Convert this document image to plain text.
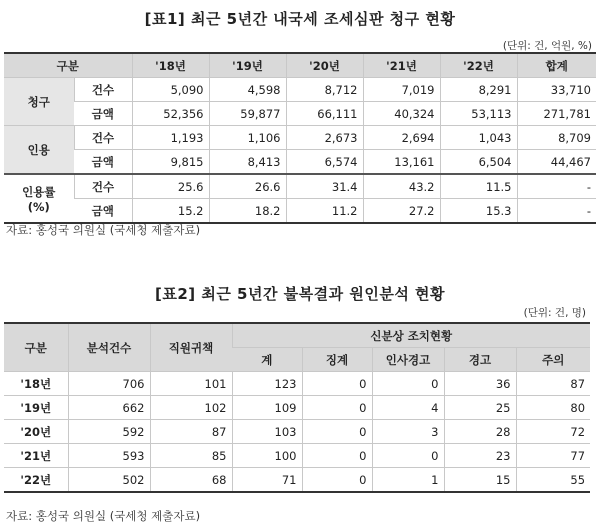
[표1] 최근 5년간 내국세 조세심판 청구 현황
(단위: 건, 억원, %)
구분		'18년	'19년	'20년	'21년	'22년	합계
청구	건수	5,090	4,598	8,712	7,019	8,291	33,710
	금액	52,356	59,877	66,111	40,324	53,113	271,781
인용	건수	1,193	1,106	2,673	2,694	1,043	8,709
	금액	9,815	8,413	6,574	13,161	6,504	44,467

인용률
(%)	건수	25.6	26.6	31.4	43.2	11.5	-
	금액	15.2	18.2	11.2	27.2	15.3	-
자료: 홍성국 의원실 (국세청 제출자료)
[표2] 최근 5년간 불복결과 원인분석 현황
(단위: 건, 명)
구분	분석건수	직원귀책	신분상 조치현황				
			계	징계	인사경고	경고	주의
'18년	706	101	123	0	0	36	87
'19년	662	102	109	0	4	25	80
'20년	592	87	103	0	3	28	72
'21년	593	85	100	0	0	23	77
'22년	502	68	71	0	1	15	55
자료: 홍성국 의원실 (국세청 제출자료)
